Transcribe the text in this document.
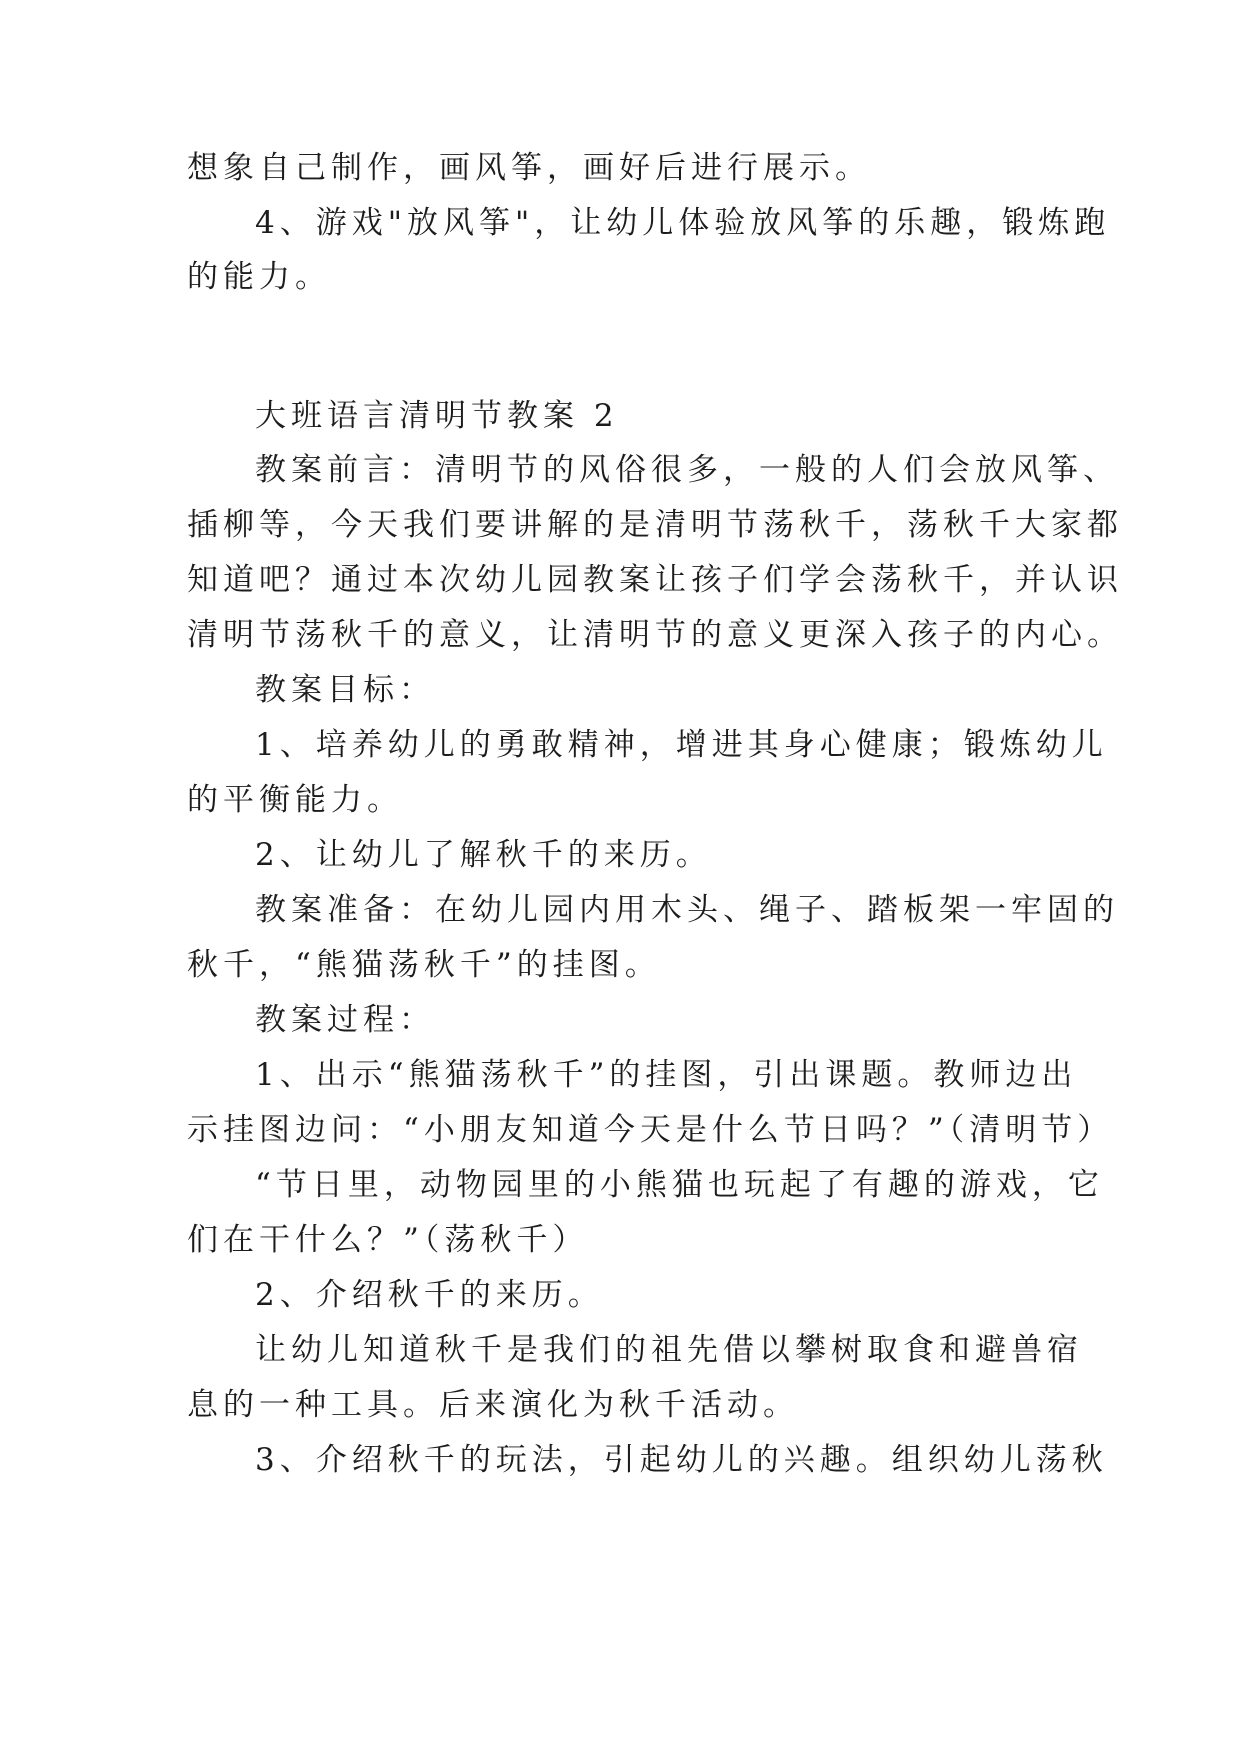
想象自己制作，画风筝，画好后进行展示。
4、游戏"放风筝"，让幼儿体验放风筝的乐趣，锻炼跑
的能力。
大班语言清明节教案 2
教案前言：清明节的风俗很多，一般的人们会放风筝、
插柳等，今天我们要讲解的是清明节荡秋千，荡秋千大家都
知道吧？通过本次幼儿园教案让孩子们学会荡秋千，并认识
清明节荡秋千的意义，让清明节的意义更深入孩子的内心。
教案目标：
1、培养幼儿的勇敢精神，增进其身心健康；锻炼幼儿
的平衡能力。
2、让幼儿了解秋千的来历。
教案准备：在幼儿园内用木头、绳子、踏板架一牢固的
秋千，“熊猫荡秋千”的挂图。
教案过程：
1、出示“熊猫荡秋千”的挂图，引出课题。教师边出
示挂图边问：“小朋友知道今天是什么节日吗？”（清明节）
“节日里，动物园里的小熊猫也玩起了有趣的游戏，它
们在干什么？”（荡秋千）
2、介绍秋千的来历。
让幼儿知道秋千是我们的祖先借以攀树取食和避兽宿
息的一种工具。后来演化为秋千活动。
3、介绍秋千的玩法，引起幼儿的兴趣。组织幼儿荡秋
